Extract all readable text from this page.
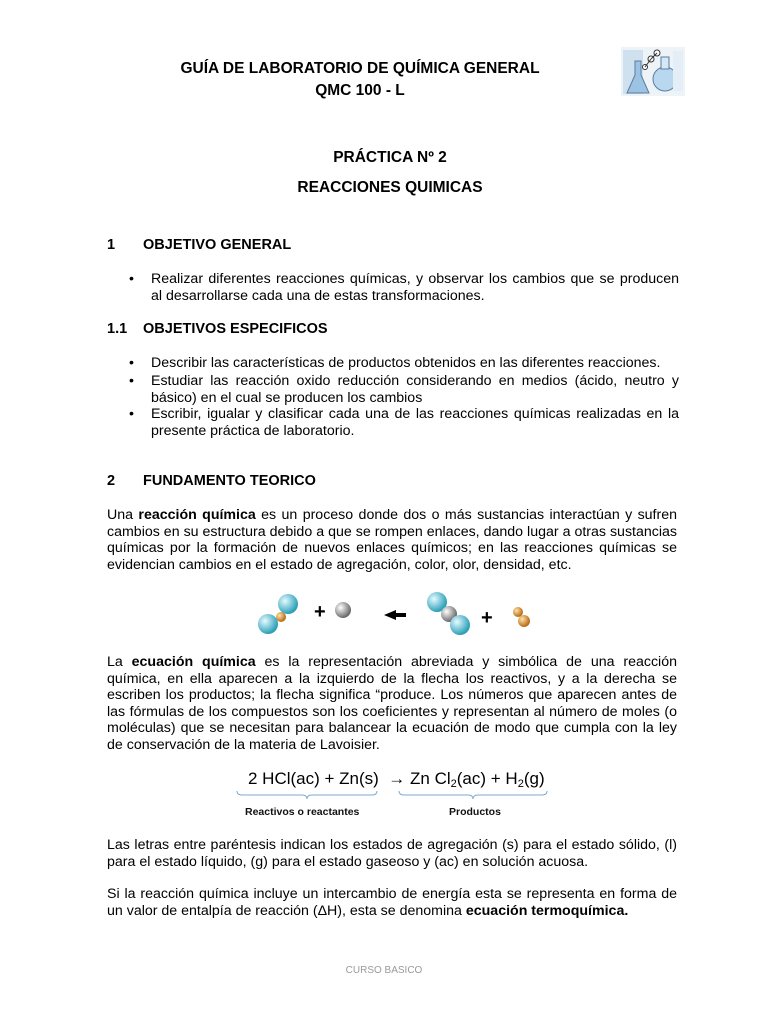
GUÍA DE LABORATORIO DE QUÍMICA GENERAL
QMC 100 - L
PRÁCTICA Nº 2
REACCIONES QUIMICAS
1 OBJETIVO GENERAL
• Realizar diferentes reacciones químicas, y observar los cambios que se producen al desarrollarse cada una de estas transformaciones.
1.1 OBJETIVOS ESPECIFICOS
• Describir las características de productos obtenidos en las diferentes reacciones.
• Estudiar las reacción oxido reducción considerando en medios (ácido, neutro y básico) en el cual se producen los cambios
• Escribir, igualar y clasificar cada una de las reacciones químicas realizadas en la presente práctica de laboratorio.
2 FUNDAMENTO TEORICO
Una reacción química es un proceso donde dos o más sustancias interactúan y sufren cambios en su estructura debido a que se rompen enlaces, dando lugar a otras sustancias químicas por la formación de nuevos enlaces químicos; en las reacciones químicas se evidencian cambios en el estado de agregación, color, olor, densidad, etc.
+	+
La ecuación química es la representación abreviada y simbólica de una reacción química, en ella aparecen a la izquierdo de la flecha los reactivos, y a la derecha se escriben los productos; la flecha significa “produce. Los números que aparecen antes de las fórmulas de los compuestos son los coeficientes y representan al número de moles (o moléculas) que se necesitan para balancear la ecuación de modo que cumpla con la ley de conservación de la materia de Lavoisier.
2 HCl(ac) + Zn(s) → Zn $Cl_2(ac) + H_2(g)$
Reactivos o reactantes	Productos
Las letras entre paréntesis indican los estados de agregación (s) para el estado sólido, (l) para el estado líquido, (g) para el estado gaseoso y (ac) en solución acuosa.
Si la reacción química incluye un intercambio de energía esta se representa en forma de un valor de entalpía de reacción (ΔH), esta se denomina ecuación termoquímica.
CURSO BASICO
